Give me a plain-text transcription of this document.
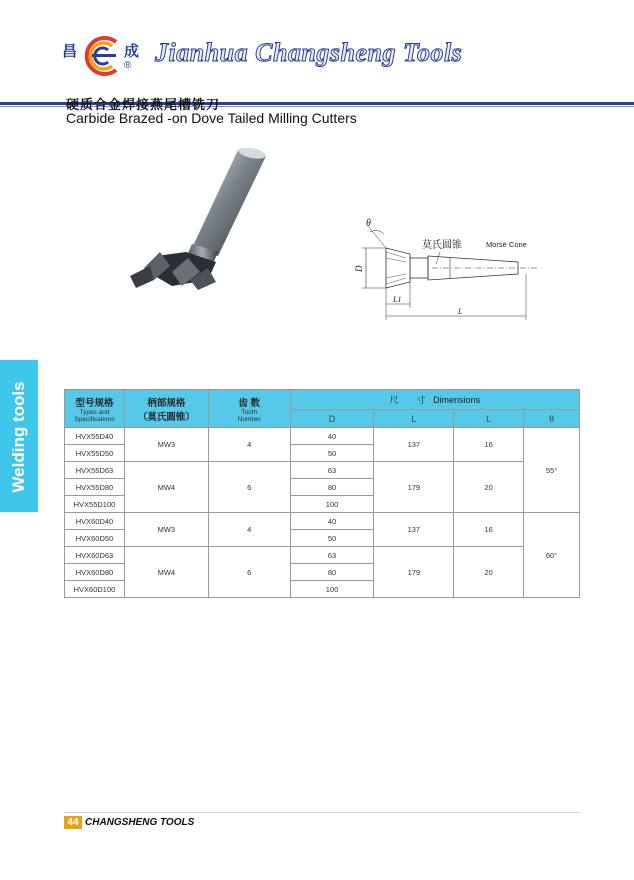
昌	成
® Jianhua Changsheng Tools
硬质合金焊接燕尾槽铣刀
Carbide Brazed -on Dove Tailed Milling Cutters
θ
莫氏圆锥	Morse Cone
D
L1
L
Welding tools	型号规格
Types and
Specifications	柄部规格
（莫氏圆锥）	齿 数
Tooth
Number	尺　　寸 Dimensions			
			D	L	L	θ
HVX55D40	MW3	4	40	137	16	55°
HVX55D50			50			
HVX55D63	MW4	6	63	179	20	
HVX55D80			80			
HVX55D100			100			
HVX60D40	MW3	4	40	137	16	60°
HVX60D50			50			
HVX60D63	MW4	6	63	179	20	
HVX60D80			80			
HVX60D100			100			
44 CHANGSHENG TOOLS
